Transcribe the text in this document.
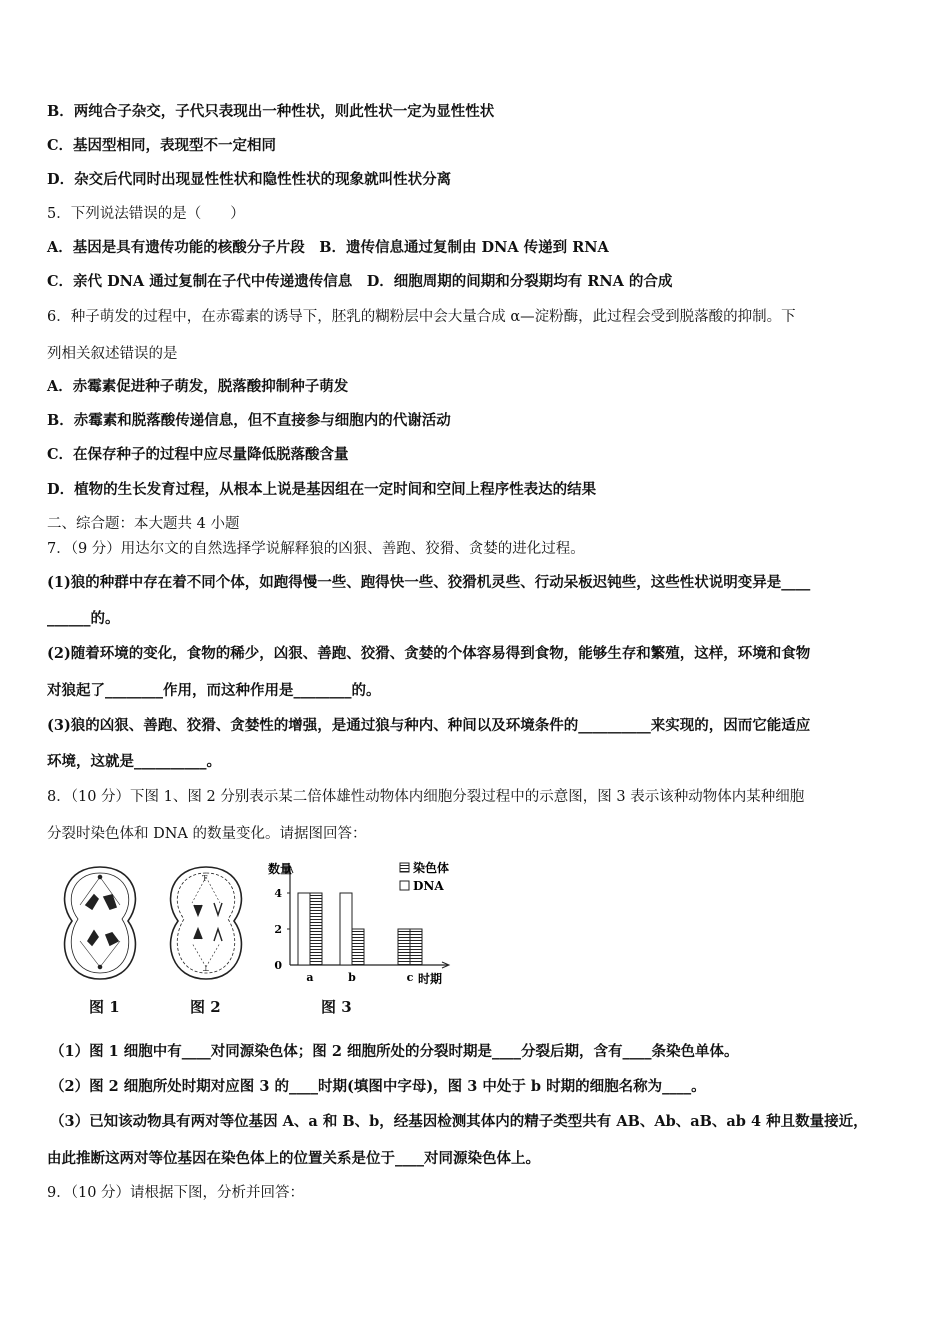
B．两纯合子杂交，子代只表现出一种性状，则此性状一定为显性性状
C．基因型相同，表现型不一定相同
D．杂交后代同时出现显性性状和隐性性状的现象就叫性状分离
5．下列说法错误的是（　　）
A．基因是具有遗传功能的核酸分子片段　B．遗传信息通过复制由 DNA 传递到 RNA
C．亲代 DNA 通过复制在子代中传递遗传信息　D．细胞周期的间期和分裂期均有 RNA 的合成
6．种子萌发的过程中，在赤霉素的诱导下，胚乳的糊粉层中会大量合成 α—淀粉酶，此过程会受到脱落酸的抑制。下
列相关叙述错误的是
A．赤霉素促进种子萌发，脱落酸抑制种子萌发
B．赤霉素和脱落酸传递信息，但不直接参与细胞内的代谢活动
C．在保存种子的过程中应尽量降低脱落酸含量
D．植物的生长发育过程，从根本上说是基因组在一定时间和空间上程序性表达的结果
二、综合题：本大题共 4 小题
7．（9 分）用达尔文的自然选择学说解释狼的凶狠、善跑、狡猾、贪婪的进化过程。
(1)狼的种群中存在着不同个体，如跑得慢一些、跑得快一些、狡猾机灵些、行动呆板迟钝些，这些性状说明变异是____
______的。
(2)随着环境的变化，食物的稀少，凶狠、善跑、狡猾、贪婪的个体容易得到食物，能够生存和繁殖，这样，环境和食物
对狼起了________作用，而这种作用是________的。
(3)狼的凶狠、善跑、狡猾、贪婪性的增强，是通过狼与种内、种间以及环境条件的__________来实现的，因而它能适应
环境，这就是__________。
8．（10 分）下图 1、图 2 分别表示某二倍体雄性动物体内细胞分裂过程中的示意图，图 3 表示该种动物体内某种细胞
分裂时染色体和 DNA 的数量变化。请据图回答：
T
⊥	0
2
4
数量
时期
a	b	c
染色体
DNA
图 1	图 2	图 3
（1）图 1 细胞中有____对同源染色体；图 2 细胞所处的分裂时期是____分裂后期，含有____条染色单体。
（2）图 2 细胞所处时期对应图 3 的____时期(填图中字母)，图 3 中处于 b 时期的细胞名称为____。
（3）已知该动物具有两对等位基因 A、a 和 B、b，经基因检测其体内的精子类型共有 AB、Ab、aB、ab 4 种且数量接近，
由此推断这两对等位基因在染色体上的位置关系是位于____对同源染色体上。
9．（10 分）请根据下图，分析并回答：
